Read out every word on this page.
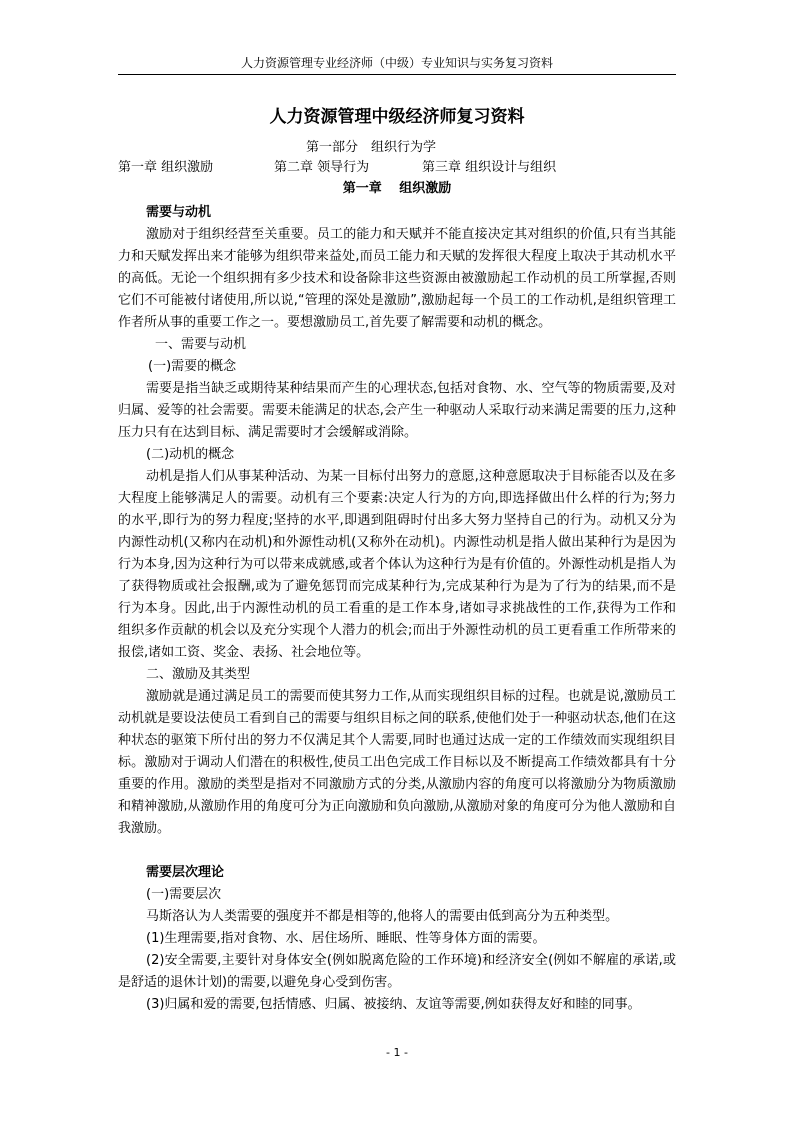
人力资源管理专业经济师（中级）专业知识与实务复习资料
人力资源管理中级经济师复习资料
第一部分　组织行为学
第一章 组织激励	第二章 领导行为	第三章 组织设计与组织
第一章　 组织激励

需要与动机

激励对于组织经营至关重要。员工的能力和天赋并不能直接决定其对组织的价值,只有当其能力和天赋发挥出来才能够为组织带来益处,而员工能力和天赋的发挥很大程度上取决于其动机水平的高低。无论一个组织拥有多少技术和设备除非这些资源由被激励起工作动机的员工所掌握,否则它们不可能被付诸使用,所以说,“管理的深处是激励”,激励起每一个员工的工作动机,是组织管理工作者所从事的重要工作之一。要想激励员工,首先要了解需要和动机的概念。

一、需要与动机

(一)需要的概念

需要是指当缺乏或期待某种结果而产生的心理状态,包括对食物、水、空气等的物质需要,及对归属、爱等的社会需要。需要未能满足的状态,会产生一种驱动人采取行动来满足需要的压力,这种压力只有在达到目标、满足需要时才会缓解或消除。

(二)动机的概念

动机是指人们从事某种活动、为某一目标付出努力的意愿,这种意愿取决于目标能否以及在多大程度上能够满足人的需要。动机有三个要素:决定人行为的方向,即选择做出什么样的行为;努力的水平,即行为的努力程度;坚持的水平,即遇到阻碍时付出多大努力坚持自己的行为。动机又分为内源性动机(又称内在动机)和外源性动机(又称外在动机)。内源性动机是指人做出某种行为是因为行为本身,因为这种行为可以带来成就感,或者个体认为这种行为是有价值的。外源性动机是指人为了获得物质或社会报酬,或为了避免惩罚而完成某种行为,完成某种行为是为了行为的结果,而不是行为本身。因此,出于内源性动机的员工看重的是工作本身,诸如寻求挑战性的工作,获得为工作和组织多作贡献的机会以及充分实现个人潜力的机会;而出于外源性动机的员工更看重工作所带来的报偿,诸如工资、奖金、表扬、社会地位等。

二、激励及其类型

激励就是通过满足员工的需要而使其努力工作,从而实现组织目标的过程。也就是说,激励员工动机就是要设法使员工看到自己的需要与组织目标之间的联系,使他们处于一种驱动状态,他们在这种状态的驱策下所付出的努力不仅满足其个人需要,同时也通过达成一定的工作绩效而实现组织目标。激励对于调动人们潜在的积极性,使员工出色完成工作目标以及不断提高工作绩效都具有十分重要的作用。激励的类型是指对不同激励方式的分类,从激励内容的角度可以将激励分为物质激励和精神激励,从激励作用的角度可分为正向激励和负向激励,从激励对象的角度可分为他人激励和自我激励。

需要层次理论

(一)需要层次

马斯洛认为人类需要的强度并不都是相等的,他将人的需要由低到高分为五种类型。

(1)生理需要,指对食物、水、居住场所、睡眠、性等身体方面的需要。

(2)安全需要,主要针对身体安全(例如脱离危险的工作环境)和经济安全(例如不解雇的承诺,或是舒适的退休计划)的需要,以避免身心受到伤害。

(3)归属和爱的需要,包括情感、归属、被接纳、友谊等需要,例如获得友好和睦的同事。

- 1 -
